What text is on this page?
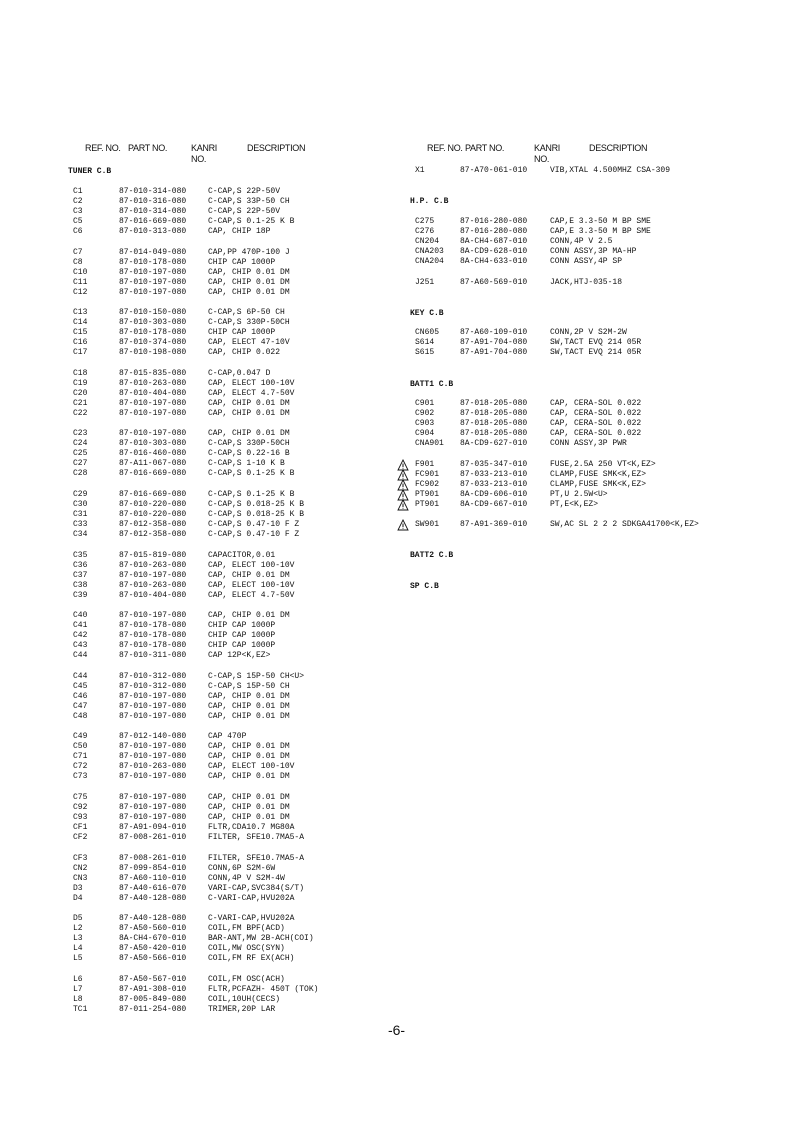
REF. NO. PART NO.	KANRI
NO.
DESCRIPTION
TUNER C.B
C1	87-010-314-080	C-CAP,S 22P-50V
C2	87-010-316-080	C-CAP,S 33P-50 CH
C3	87-010-314-080	C-CAP,S 22P-50V
C5	87-016-669-080	C-CAP,S 0.1-25 K B
C6	87-010-313-080	CAP, CHIP 18P
C7	87-014-049-080	CAP,PP 470P-100 J
C8	87-010-178-080	CHIP CAP 1000P
C10	87-010-197-080	CAP, CHIP 0.01 DM
C11	87-010-197-080	CAP, CHIP 0.01 DM
C12	87-010-197-080	CAP, CHIP 0.01 DM
C13	87-010-150-080	C-CAP,S 6P-50 CH
C14	87-010-303-080	C-CAP,S 330P-50CH
C15	87-010-178-080	CHIP CAP 1000P
C16	87-010-374-080	CAP, ELECT 47-10V
C17	87-010-198-080	CAP, CHIP 0.022
C18	87-015-835-080	C-CAP,0.047 D
C19	87-010-263-080	CAP, ELECT 100-10V
C20	87-010-404-080	CAP, ELECT 4.7-50V
C21	87-010-197-080	CAP, CHIP 0.01 DM
C22	87-010-197-080	CAP, CHIP 0.01 DM
C23	87-010-197-080	CAP, CHIP 0.01 DM
C24	87-010-303-080	C-CAP,S 330P-50CH
C25	87-016-460-080	C-CAP,S 0.22-16 B
C27	87-A11-067-080	C-CAP,S 1-10 K B
C28	87-016-669-080	C-CAP,S 0.1-25 K B
C29	87-016-669-080	C-CAP,S 0.1-25 K B
C30	87-010-220-080	C-CAP,S 0.018-25 K B
C31	87-010-220-080	C-CAP,S 0.018-25 K B
C33	87-012-358-080	C-CAP,S 0.47-10 F Z
C34	87-012-358-080	C-CAP,S 0.47-10 F Z
C35	87-015-819-080	CAPACITOR,0.01
C36	87-010-263-080	CAP, ELECT 100-10V
C37	87-010-197-080	CAP, CHIP 0.01 DM
C38	87-010-263-080	CAP, ELECT 100-10V
C39	87-010-404-080	CAP, ELECT 4.7-50V
C40	87-010-197-080	CAP, CHIP 0.01 DM
C41	87-010-178-080	CHIP CAP 1000P
C42	87-010-178-080	CHIP CAP 1000P
C43	87-010-178-080	CHIP CAP 1000P
C44	87-010-311-080	CAP 12P<K,EZ>
C44	87-010-312-080	C-CAP,S 15P-50 CH<U>
C45	87-010-312-080	C-CAP,S 15P-50 CH
C46	87-010-197-080	CAP, CHIP 0.01 DM
C47	87-010-197-080	CAP, CHIP 0.01 DM
C48	87-010-197-080	CAP, CHIP 0.01 DM
C49	87-012-140-080	CAP 470P
C50	87-010-197-080	CAP, CHIP 0.01 DM
C71	87-010-197-080	CAP, CHIP 0.01 DM
C72	87-010-263-080	CAP, ELECT 100-10V
C73	87-010-197-080	CAP, CHIP 0.01 DM
C75	87-010-197-080	CAP, CHIP 0.01 DM
C92	87-010-197-080	CAP, CHIP 0.01 DM
C93	87-010-197-080	CAP, CHIP 0.01 DM
CF1	87-A91-094-010	FLTR,CDA10.7 MG80A
CF2	87-008-261-010	FILTER, SFE10.7MA5-A
CF3	87-008-261-010	FILTER, SFE10.7MA5-A
CN2	87-099-854-010	CONN,6P S2M-6W
CN3	87-A60-110-010	CONN,4P V S2M-4W
D3	87-A40-616-070	VARI-CAP,SVC384(S/T)
D4	87-A40-128-080	C-VARI-CAP,HVU202A
D5	87-A40-128-080	C-VARI-CAP,HVU202A
L2	87-A50-560-010	COIL,FM BPF(ACD)
L3	8A-CH4-670-010	BAR-ANT,MW 2B-ACH(COI)
L4	87-A50-420-010	COIL,MW OSC(SYN)
L5	87-A50-566-010	COIL,FM RF EX(ACH)
L6	87-A50-567-010	COIL,FM OSC(ACH)
L7	87-A91-308-010	FLTR,PCFAZH- 450T (TOK)
L8	87-005-849-080	COIL,10UH(CECS)
TC1	87-011-254-080	TRIMER,20P LAR
REF. NO. PART NO.	KANRI
NO.
DESCRIPTION
X1	87-A70-061-010	VIB,XTAL 4.500MHZ CSA-309
H.P. C.B
C275	87-016-280-080	CAP,E 3.3-50 M BP SME
C276	87-016-280-080	CAP,E 3.3-50 M BP SME
CN204	8A-CH4-687-010	CONN,4P V 2.5
CNA203 8A-CD9-628-010	CONN ASSY,3P MA-HP
CNA204 8A-CH4-633-010	CONN ASSY,4P SP
J251	87-A60-569-010	JACK,HTJ-035-18
KEY C.B
CN605	87-A60-109-010	CONN,2P V S2M-2W
S614	87-A91-704-080	SW,TACT EVQ 214 05R
S615	87-A91-704-080	SW,TACT EVQ 214 05R
BATT1 C.B
C901	87-018-205-080	CAP, CERA-SOL 0.022
C902	87-018-205-080	CAP, CERA-SOL 0.022
C903	87-018-205-080	CAP, CERA-SOL 0.022
C904	87-018-205-080	CAP, CERA-SOL 0.022
CNA901 8A-CD9-627-010	CONN ASSY,3P PWR
F901	87-035-347-010	FUSE,2.5A 250 VT<K,EZ>
FC901	87-033-213-010	CLAMP,FUSE SMK<K,EZ>
FC902	87-033-213-010	CLAMP,FUSE SMK<K,EZ>
PT901	8A-CD9-606-010	PT,U 2.5W<U>
PT901	8A-CD9-667-010	PT,E<K,EZ>
SW901	87-A91-369-010	SW,AC SL 2 2 2 SDKGA41700<K,EZ>
BATT2 C.B
SP C.B
-6-
